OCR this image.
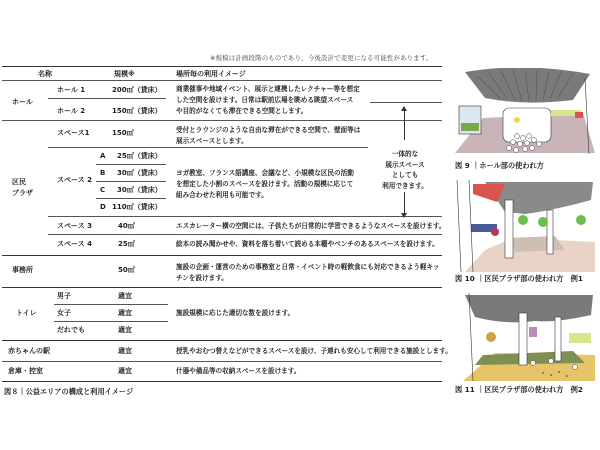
※規模は計画段階のものであり、今後設計で変更になる可能性があります。
名称	規模※	場所毎の利用イメージ
ホール
ホール 1	200㎡（貸床）
ホール 2	150㎡（貸床）
商業催事や地域イベント、展示と連携したレクチャー等を想定
した空間を設けます。日常は駅前広場を眺める眺望スペース
や目的がなくても滞在できる空間とします。
区民
プラザ
スペース1	150㎡	受付とラウンジのような自由な滞在ができる空間で、壁面等は
展示スペースとします。
スペース 2
A 25㎡（貸床）
B 30㎡（貸床）
C 30㎡（貸床）
D 110㎡（貸床）
ヨガ教室、フランス語講座、会議など、小規模な区民の活動
を想定した小割のスペースを設けます。活動の規模に応じて
組み合わせた利用も可能です。
スペース 3	40㎡	エスカレーター横の空間には、子供たちが日常的に学習できるようなスペースを設けます。
スペース 4	25㎡	絵本の読み聞かせや、資料を落ち着いて読める本棚やベンチのあるスペースを設けます。
一体的な
展示スペース
としても
利用できます。
事務所	50㎡	施設の企画・運営のための事務室と日常・イベント時の軽飲食にも対応できるよう軽キッ
チンを設けます。
トイレ
男子	適宜
女子	適宜
だれでも	適宜
施設規模に応じた適切な数を設けます。
赤ちゃんの駅	適宜	授乳やおむつ替えなどができるスペースを設け、子連れも安心して利用できる施設とします。
倉庫・控室	適宜	什器や備品等の収納スペースを設けます。
図８｜公益エリアの構成と利用イメージ
図 9 ｜ホール部の使われ方
図 10 ｜区民プラザ部の使われ方　例1
図 11 ｜区民プラザ部の使われ方　例2
